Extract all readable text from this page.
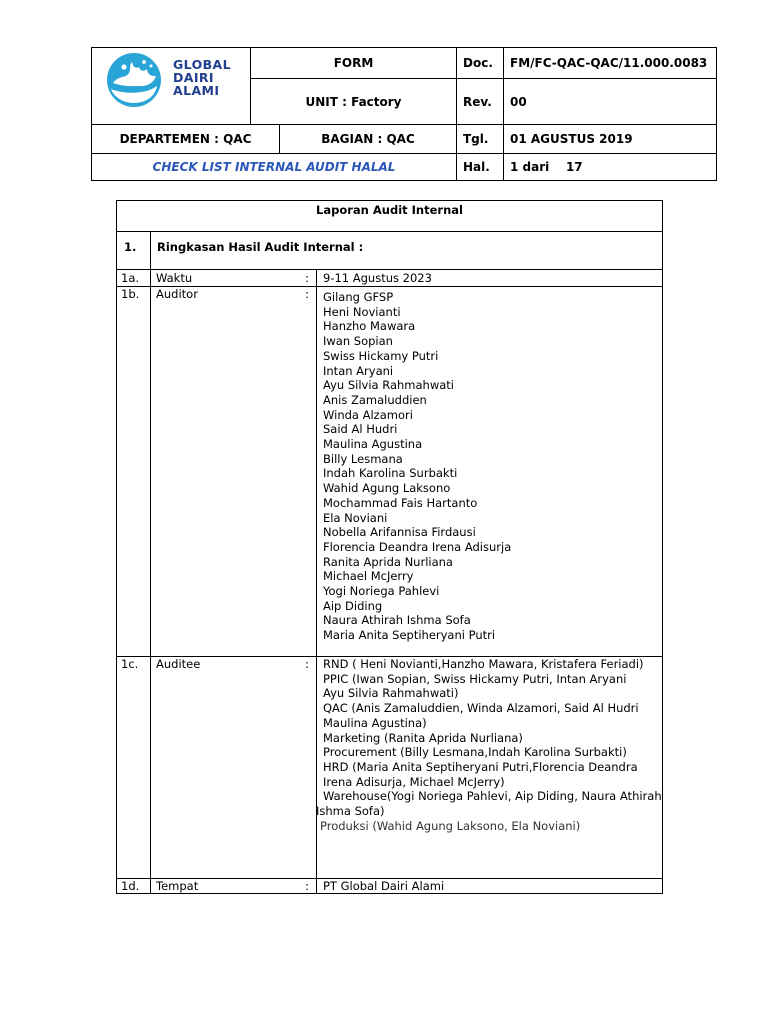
GLOBAL
DAIRI
ALAMI
FORM
UNIT : Factory
Doc.	FM/FC-QAC-QAC/11.000.0083
Rev.	00
DEPARTEMEN : QAC	BAGIAN : QAC	Tgl.	01 AGUSTUS 2019
CHECK LIST INTERNAL AUDIT HALAL	Hal.	1 dari    17
Laporan Audit Internal
1. Ringkasan Hasil Audit Internal :
1a. Waktu	: 9-11 Agustus 2023
1b. Auditor	: Gilang GFSP
Heni Novianti
Hanzho Mawara
Iwan Sopian
Swiss Hickamy Putri
Intan Aryani
Ayu Silvia Rahmahwati
Anis Zamaluddien
Winda Alzamori
Said Al Hudri
Maulina Agustina
Billy Lesmana
Indah Karolina Surbakti
Wahid Agung Laksono
Mochammad Fais Hartanto
Ela Noviani
Nobella Arifannisa Firdausi
Florencia Deandra Irena Adisurja
Ranita Aprida Nurliana
Michael McJerry
Yogi Noriega Pahlevi
Aip Diding
Naura Athirah Ishma Sofa
Maria Anita Septiheryani Putri
1c. Auditee	: RND ( Heni Novianti,Hanzho Mawara, Kristafera Feriadi)
PPIC (Iwan Sopian, Swiss Hickamy Putri, Intan Aryani
Ayu Silvia Rahmahwati)
QAC (Anis Zamaluddien, Winda Alzamori, Said Al Hudri
Maulina Agustina)
Marketing (Ranita Aprida Nurliana)
Procurement (Billy Lesmana,Indah Karolina Surbakti)
HRD (Maria Anita Septiheryani Putri,Florencia Deandra
Irena Adisurja, Michael McJerry)
Warehouse(Yogi Noriega Pahlevi, Aip Diding, Naura Athirah
Ishma Sofa)
Produksi (Wahid Agung Laksono, Ela Noviani)
1d. Tempat	: PT Global Dairi Alami
